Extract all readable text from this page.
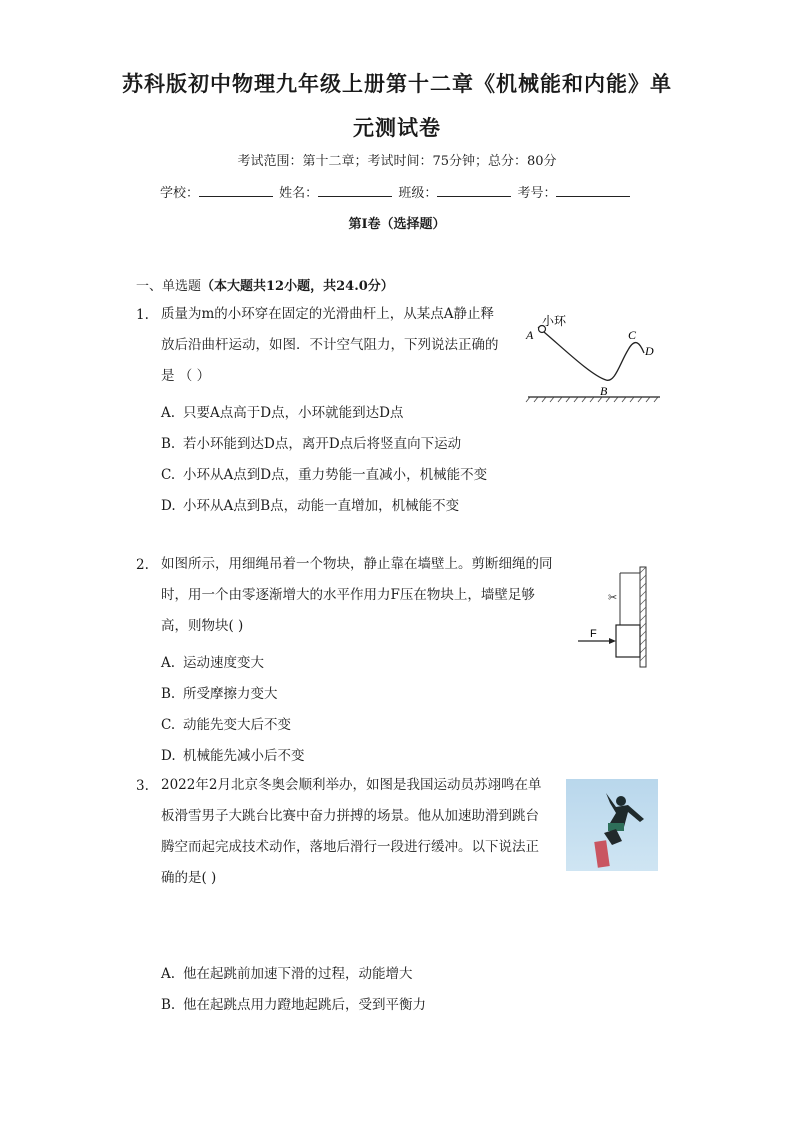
苏科版初中物理九年级上册第十二章《机械能和内能》单
元测试卷
考试范围：第十二章；考试时间：75分钟；总分：80分
学校：	姓名：	班级：	考号：
第I卷（选择题）
一、单选题（本大题共12小题，共24.0分）
1. 质量为m的小环穿在固定的光滑曲杆上，从某点A静止释
放后沿曲杆运动，如图．不计空气阻力，下列说法正确的
是 （ ）
A. 只要A点高于D点，小环就能到达D点
B. 若小环能到达D点，离开D点后将竖直向下运动
C. 小环从A点到D点，重力势能一直减小，机械能不变
D. 小环从A点到B点，动能一直增加，机械能不变
小环
A
B
C
D
2. 如图所示，用细绳吊着一个物块，静止靠在墙壁上。剪断细绳的同
时，用一个由零逐渐增大的水平作用力F压在物块上，墙壁足够
高，则物块( )
A. 运动速度变大
B. 所受摩擦力变大
C. 动能先变大后不变
D. 机械能先减小后不变
✂
F
3. 2022年2月北京冬奥会顺利举办，如图是我国运动员苏翊鸣在单
板滑雪男子大跳台比赛中奋力拼搏的场景。他从加速助滑到跳台
腾空而起完成技术动作，落地后滑行一段进行缓冲。以下说法正
确的是( )
A. 他在起跳前加速下滑的过程，动能增大
B. 他在起跳点用力蹬地起跳后，受到平衡力
